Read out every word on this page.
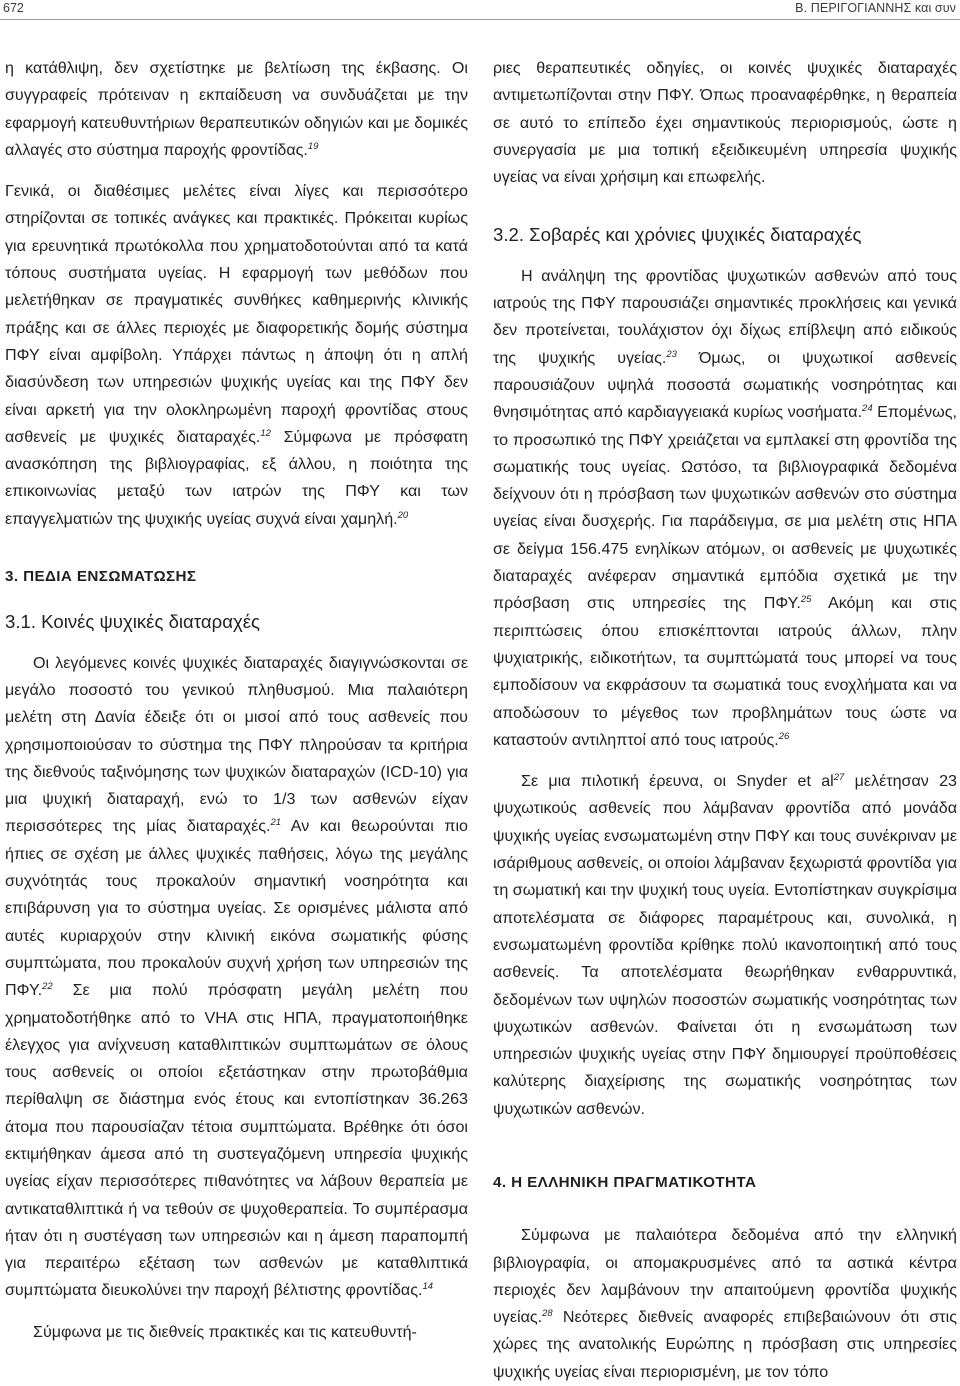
672	Β. ΠΕΡΙΓΟΓΙΑΝΝΗΣ και συν

η κατάθλιψη, δεν σχετίστηκε με βελτίωση της έκβασης. Οι συγγραφείς πρότειναν η εκπαίδευση να συνδυάζεται με την εφαρμογή κατευθυντήριων θεραπευτικών οδηγιών και με δομικές αλλαγές στο σύστημα παροχής φροντίδας.$^{19}$

Γενικά, οι διαθέσιμες μελέτες είναι λίγες και περισσότερο στηρίζονται σε τοπικές ανάγκες και πρακτικές. Πρόκειται κυρίως για ερευνητικά πρωτόκολλα που χρηματοδοτούνται από τα κατά τόπους συστήματα υγείας. Η εφαρμογή των μεθόδων που μελετήθηκαν σε πραγματικές συνθήκες καθημερινής κλινικής πράξης και σε άλλες περιοχές με διαφορετικής δομής σύστημα ΠΦΥ είναι αμφίβολη. Υπάρχει πάντως η άποψη ότι η απλή διασύνδεση των υπηρεσιών ψυχικής υγείας και της ΠΦΥ δεν είναι αρκετή για την ολοκληρωμένη παροχή φροντίδας στους ασθενείς με ψυχικές διαταραχές.$^{12}$ Σύμφωνα με πρόσφατη ανασκόπηση της βιβλιογραφίας, εξ άλλου, η ποιότητα της επικοινωνίας μεταξύ των ιατρών της ΠΦΥ και των επαγγελματιών της ψυχικής υγείας συχνά είναι χαμηλή.$^{20}$

3. ΠΕΔΙΑ ΕΝΣΩΜΑΤΩΣΗΣ
3.1. Κοινές ψυχικές διαταραχές

Οι λεγόμενες κοινές ψυχικές διαταραχές διαγιγνώσκονται σε μεγάλο ποσοστό του γενικού πληθυσμού. Μια παλαιότερη μελέτη στη Δανία έδειξε ότι οι μισοί από τους ασθενείς που χρησιμοποιούσαν το σύστημα της ΠΦΥ πληρούσαν τα κριτήρια της διεθνούς ταξινόμησης των ψυχικών διαταραχών (ICD-10) για μια ψυχική διαταραχή, ενώ το 1/3 των ασθενών είχαν περισσότερες της μίας διαταραχές.$^{21}$ Αν και θεωρούνται πιο ήπιες σε σχέση με άλλες ψυχικές παθήσεις, λόγω της μεγάλης συχνότητάς τους προκαλούν σημαντική νοσηρότητα και επιβάρυνση για το σύστημα υγείας. Σε ορισμένες μάλιστα από αυτές κυριαρχούν στην κλινική εικόνα σωματικής φύσης συμπτώματα, που προκαλούν συχνή χρήση των υπηρεσιών της ΠΦΥ.$^{22}$ Σε μια πολύ πρόσφατη μεγάλη μελέτη που χρηματοδοτήθηκε από το VHA στις ΗΠΑ, πραγματοποιήθηκε έλεγχος για ανίχνευση καταθλιπτικών συμπτωμάτων σε όλους τους ασθενείς οι οποίοι εξετάστηκαν στην πρωτοβάθμια περίθαλψη σε διάστημα ενός έτους και εντοπίστηκαν 36.263 άτομα που παρουσίαζαν τέτοια συμπτώματα. Βρέθηκε ότι όσοι εκτιμήθηκαν άμεσα από τη συστεγαζόμενη υπηρεσία ψυχικής υγείας είχαν περισσότερες πιθανότητες να λάβουν θεραπεία με αντικαταθλιπτικά ή να τεθούν σε ψυχοθεραπεία. Το συμπέρασμα ήταν ότι η συστέγαση των υπηρεσιών και η άμεση παραπομπή για περαιτέρω εξέταση των ασθενών με καταθλιπτικά συμπτώματα διευκολύνει την παροχή βέλτιστης φροντίδας.$^{14}$

Σύμφωνα με τις διεθνείς πρακτικές και τις κατευθυντή-

ριες θεραπευτικές οδηγίες, οι κοινές ψυχικές διαταραχές αντιμετωπίζονται στην ΠΦΥ. Όπως προαναφέρθηκε, η θεραπεία σε αυτό το επίπεδο έχει σημαντικούς περιορισμούς, ώστε η συνεργασία με μια τοπική εξειδικευμένη υπηρεσία ψυχικής υγείας να είναι χρήσιμη και επωφελής.

3.2. Σοβαρές και χρόνιες ψυχικές διαταραχές

Η ανάληψη της φροντίδας ψυχωτικών ασθενών από τους ιατρούς της ΠΦΥ παρουσιάζει σημαντικές προκλήσεις και γενικά δεν προτείνεται, τουλάχιστον όχι δίχως επίβλεψη από ειδικούς της ψυχικής υγείας.$^{23}$ Όμως, οι ψυχωτικοί ασθενείς παρουσιάζουν υψηλά ποσοστά σωματικής νοσηρότητας και θνησιμότητας από καρδιαγγειακά κυρίως νοσήματα.$^{24}$ Επομένως, το προσωπικό της ΠΦΥ χρειάζεται να εμπλακεί στη φροντίδα της σωματικής τους υγείας. Ωστόσο, τα βιβλιογραφικά δεδομένα δείχνουν ότι η πρόσβαση των ψυχωτικών ασθενών στο σύστημα υγείας είναι δυσχερής. Για παράδειγμα, σε μια μελέτη στις ΗΠΑ σε δείγμα 156.475 ενηλίκων ατόμων, οι ασθενείς με ψυχωτικές διαταραχές ανέφεραν σημαντικά εμπόδια σχετικά με την πρόσβαση στις υπηρεσίες της ΠΦΥ.$^{25}$ Ακόμη και στις περιπτώσεις όπου επισκέπτονται ιατρούς άλλων, πλην ψυχιατρικής, ειδικοτήτων, τα συμπτώματά τους μπορεί να τους εμποδίσουν να εκφράσουν τα σωματικά τους ενοχλήματα και να αποδώσουν το μέγεθος των προβλημάτων τους ώστε να καταστούν αντιληπτοί από τους ιατρούς.$^{26}$

Σε μια πιλοτική έρευνα, οι Snyder et $al^{27}$ μελέτησαν 23 ψυχωτικούς ασθενείς που λάμβαναν φροντίδα από μονάδα ψυχικής υγείας ενσωματωμένη στην ΠΦΥ και τους συνέκριναν με ισάριθμους ασθενείς, οι οποίοι λάμβαναν ξεχωριστά φροντίδα για τη σωματική και την ψυχική τους υγεία. Εντοπίστηκαν συγκρίσιμα αποτελέσματα σε διάφορες παραμέτρους και, συνολικά, η ενσωματωμένη φροντίδα κρίθηκε πολύ ικανοποιητική από τους ασθενείς. Τα αποτελέσματα θεωρήθηκαν ενθαρρυντικά, δεδομένων των υψηλών ποσοστών σωματικής νοσηρότητας των ψυχωτικών ασθενών. Φαίνεται ότι η ενσωμάτωση των υπηρεσιών ψυχικής υγείας στην ΠΦΥ δημιουργεί προϋποθέσεις καλύτερης διαχείρισης της σωματικής νοσηρότητας των ψυχωτικών ασθενών.

4. Η ΕΛΛΗΝΙΚΗ ΠΡΑΓΜΑΤΙΚΟΤΗΤΑ

Σύμφωνα με παλαιότερα δεδομένα από την ελληνική βιβλιογραφία, οι απομακρυσμένες από τα αστικά κέντρα περιοχές δεν λαμβάνουν την απαιτούμενη φροντίδα ψυχικής υγείας.$^{28}$ Νεότερες διεθνείς αναφορές επιβεβαιώνουν ότι στις χώρες της ανατολικής Ευρώπης η πρόσβαση στις υπηρεσίες ψυχικής υγείας είναι περιορισμένη, με τον τόπο
